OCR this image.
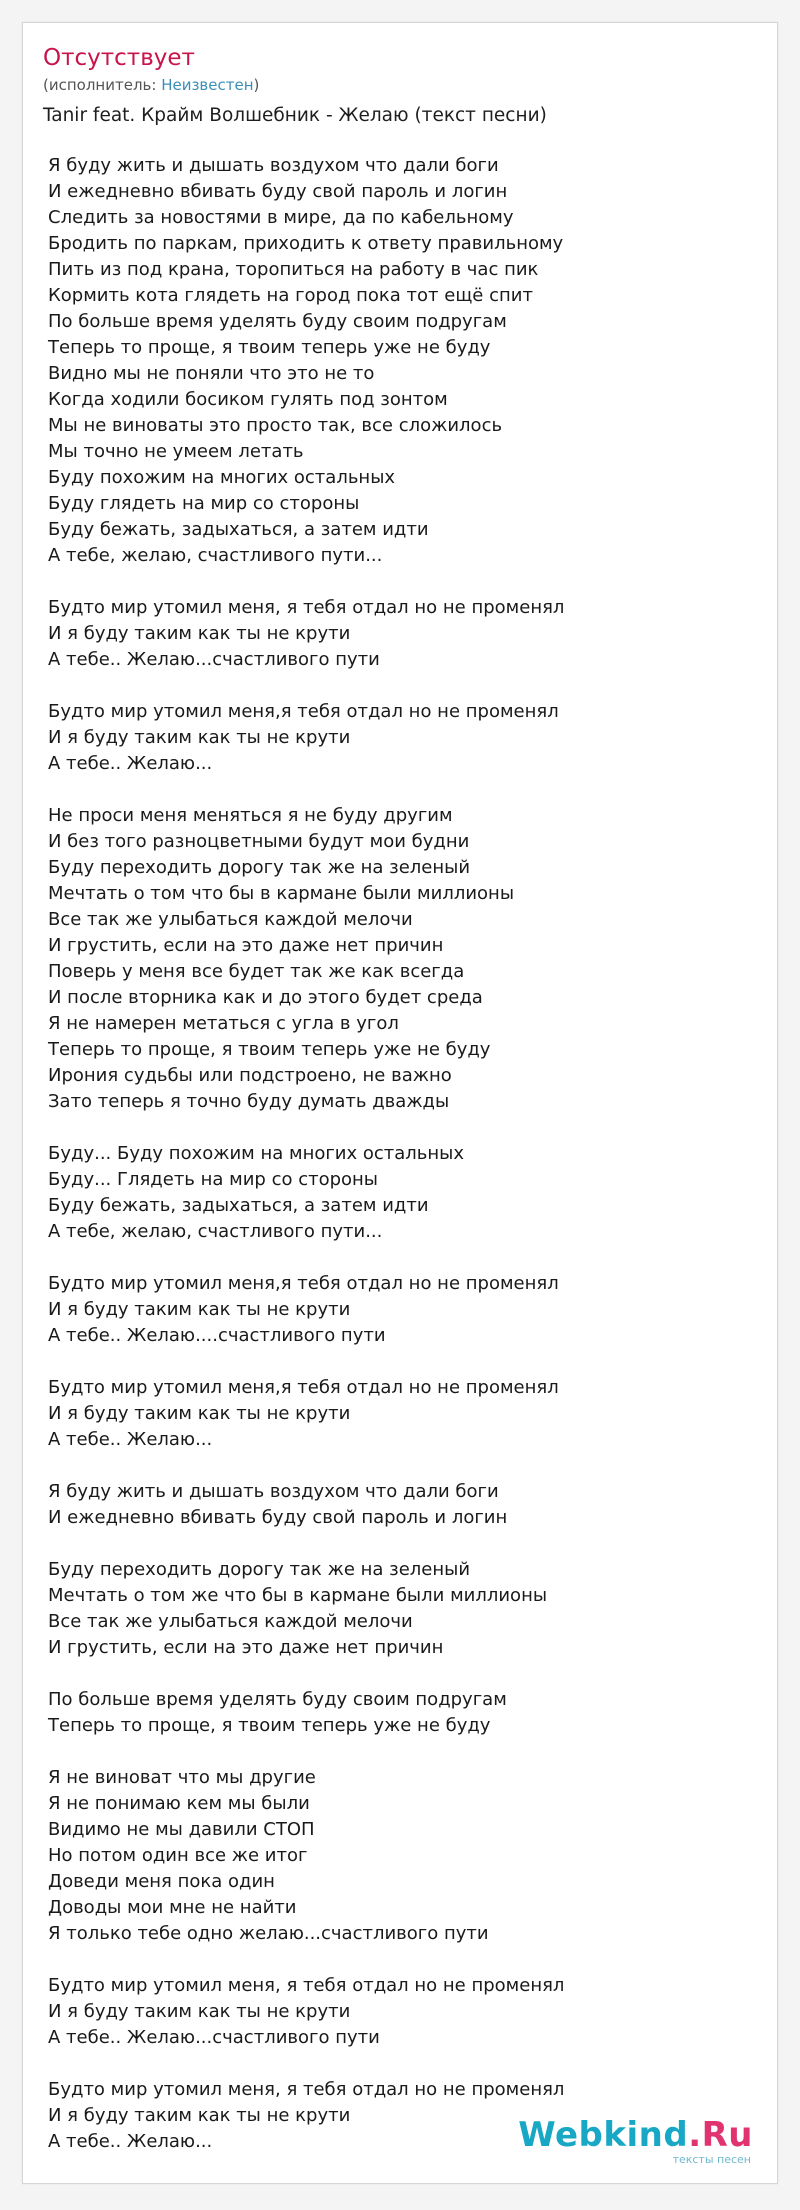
Отсутствует
(исполнитель: Неизвестен)
Tanir feat. Крайм Волшебник - Желаю (текст песни)
Я буду жить и дышать воздухом что дали боги
И ежедневно вбивать буду свой пароль и логин
Следить за новостями в мире, да по кабельному
Бродить по паркам, приходить к ответу правильному
Пить из под крана, торопиться на работу в час пик
Кормить кота глядеть на город пока тот ещё спит
По больше время уделять буду своим подругам
Теперь то проще, я твоим теперь уже не буду
Видно мы не поняли что это не то
Когда ходили босиком гулять под зонтом
Мы не виноваты это просто так, все сложилось
Мы точно не умеем летать
Буду похожим на многих остальных
Буду глядеть на мир со стороны
Буду бежать, задыхаться, а затем идти
А тебе, желаю, счастливого пути...
Будто мир утомил меня, я тебя отдал но не променял
И я буду таким как ты не крути
А тебе.. Желаю...счастливого пути
Будто мир утомил меня,я тебя отдал но не променял
И я буду таким как ты не крути
А тебе.. Желаю...
Не проси меня меняться я не буду другим
И без того разноцветными будут мои будни
Буду переходить дорогу так же на зеленый
Мечтать о том что бы в кармане были миллионы
Все так же улыбаться каждой мелочи
И грустить, если на это даже нет причин
Поверь у меня все будет так же как всегда
И после вторника как и до этого будет среда
Я не намерен метаться с угла в угол
Теперь то проще, я твоим теперь уже не буду
Ирония судьбы или подстроено, не важно
Зато теперь я точно буду думать дважды
Буду... Буду похожим на многих остальных
Буду... Глядеть на мир со стороны
Буду бежать, задыхаться, а затем идти
А тебе, желаю, счастливого пути...
Будто мир утомил меня,я тебя отдал но не променял
И я буду таким как ты не крути
А тебе.. Желаю....счастливого пути
Будто мир утомил меня,я тебя отдал но не променял
И я буду таким как ты не крути
А тебе.. Желаю...
Я буду жить и дышать воздухом что дали боги
И ежедневно вбивать буду свой пароль и логин
Буду переходить дорогу так же на зеленый
Мечтать о том же что бы в кармане были миллионы
Все так же улыбаться каждой мелочи
И грустить, если на это даже нет причин
По больше время уделять буду своим подругам
Теперь то проще, я твоим теперь уже не буду
Я не виноват что мы другие
Я не понимаю кем мы были
Видимо не мы давили СТОП
Но потом один все же итог
Доведи меня пока один
Доводы мои мне не найти
Я только тебе одно желаю...счастливого пути
Будто мир утомил меня, я тебя отдал но не променял
И я буду таким как ты не крути
А тебе.. Желаю...счастливого пути
Будто мир утомил меня, я тебя отдал но не променял
И я буду таким как ты не крути
А тебе.. Желаю...	Webkind.Ru
тексты песен
